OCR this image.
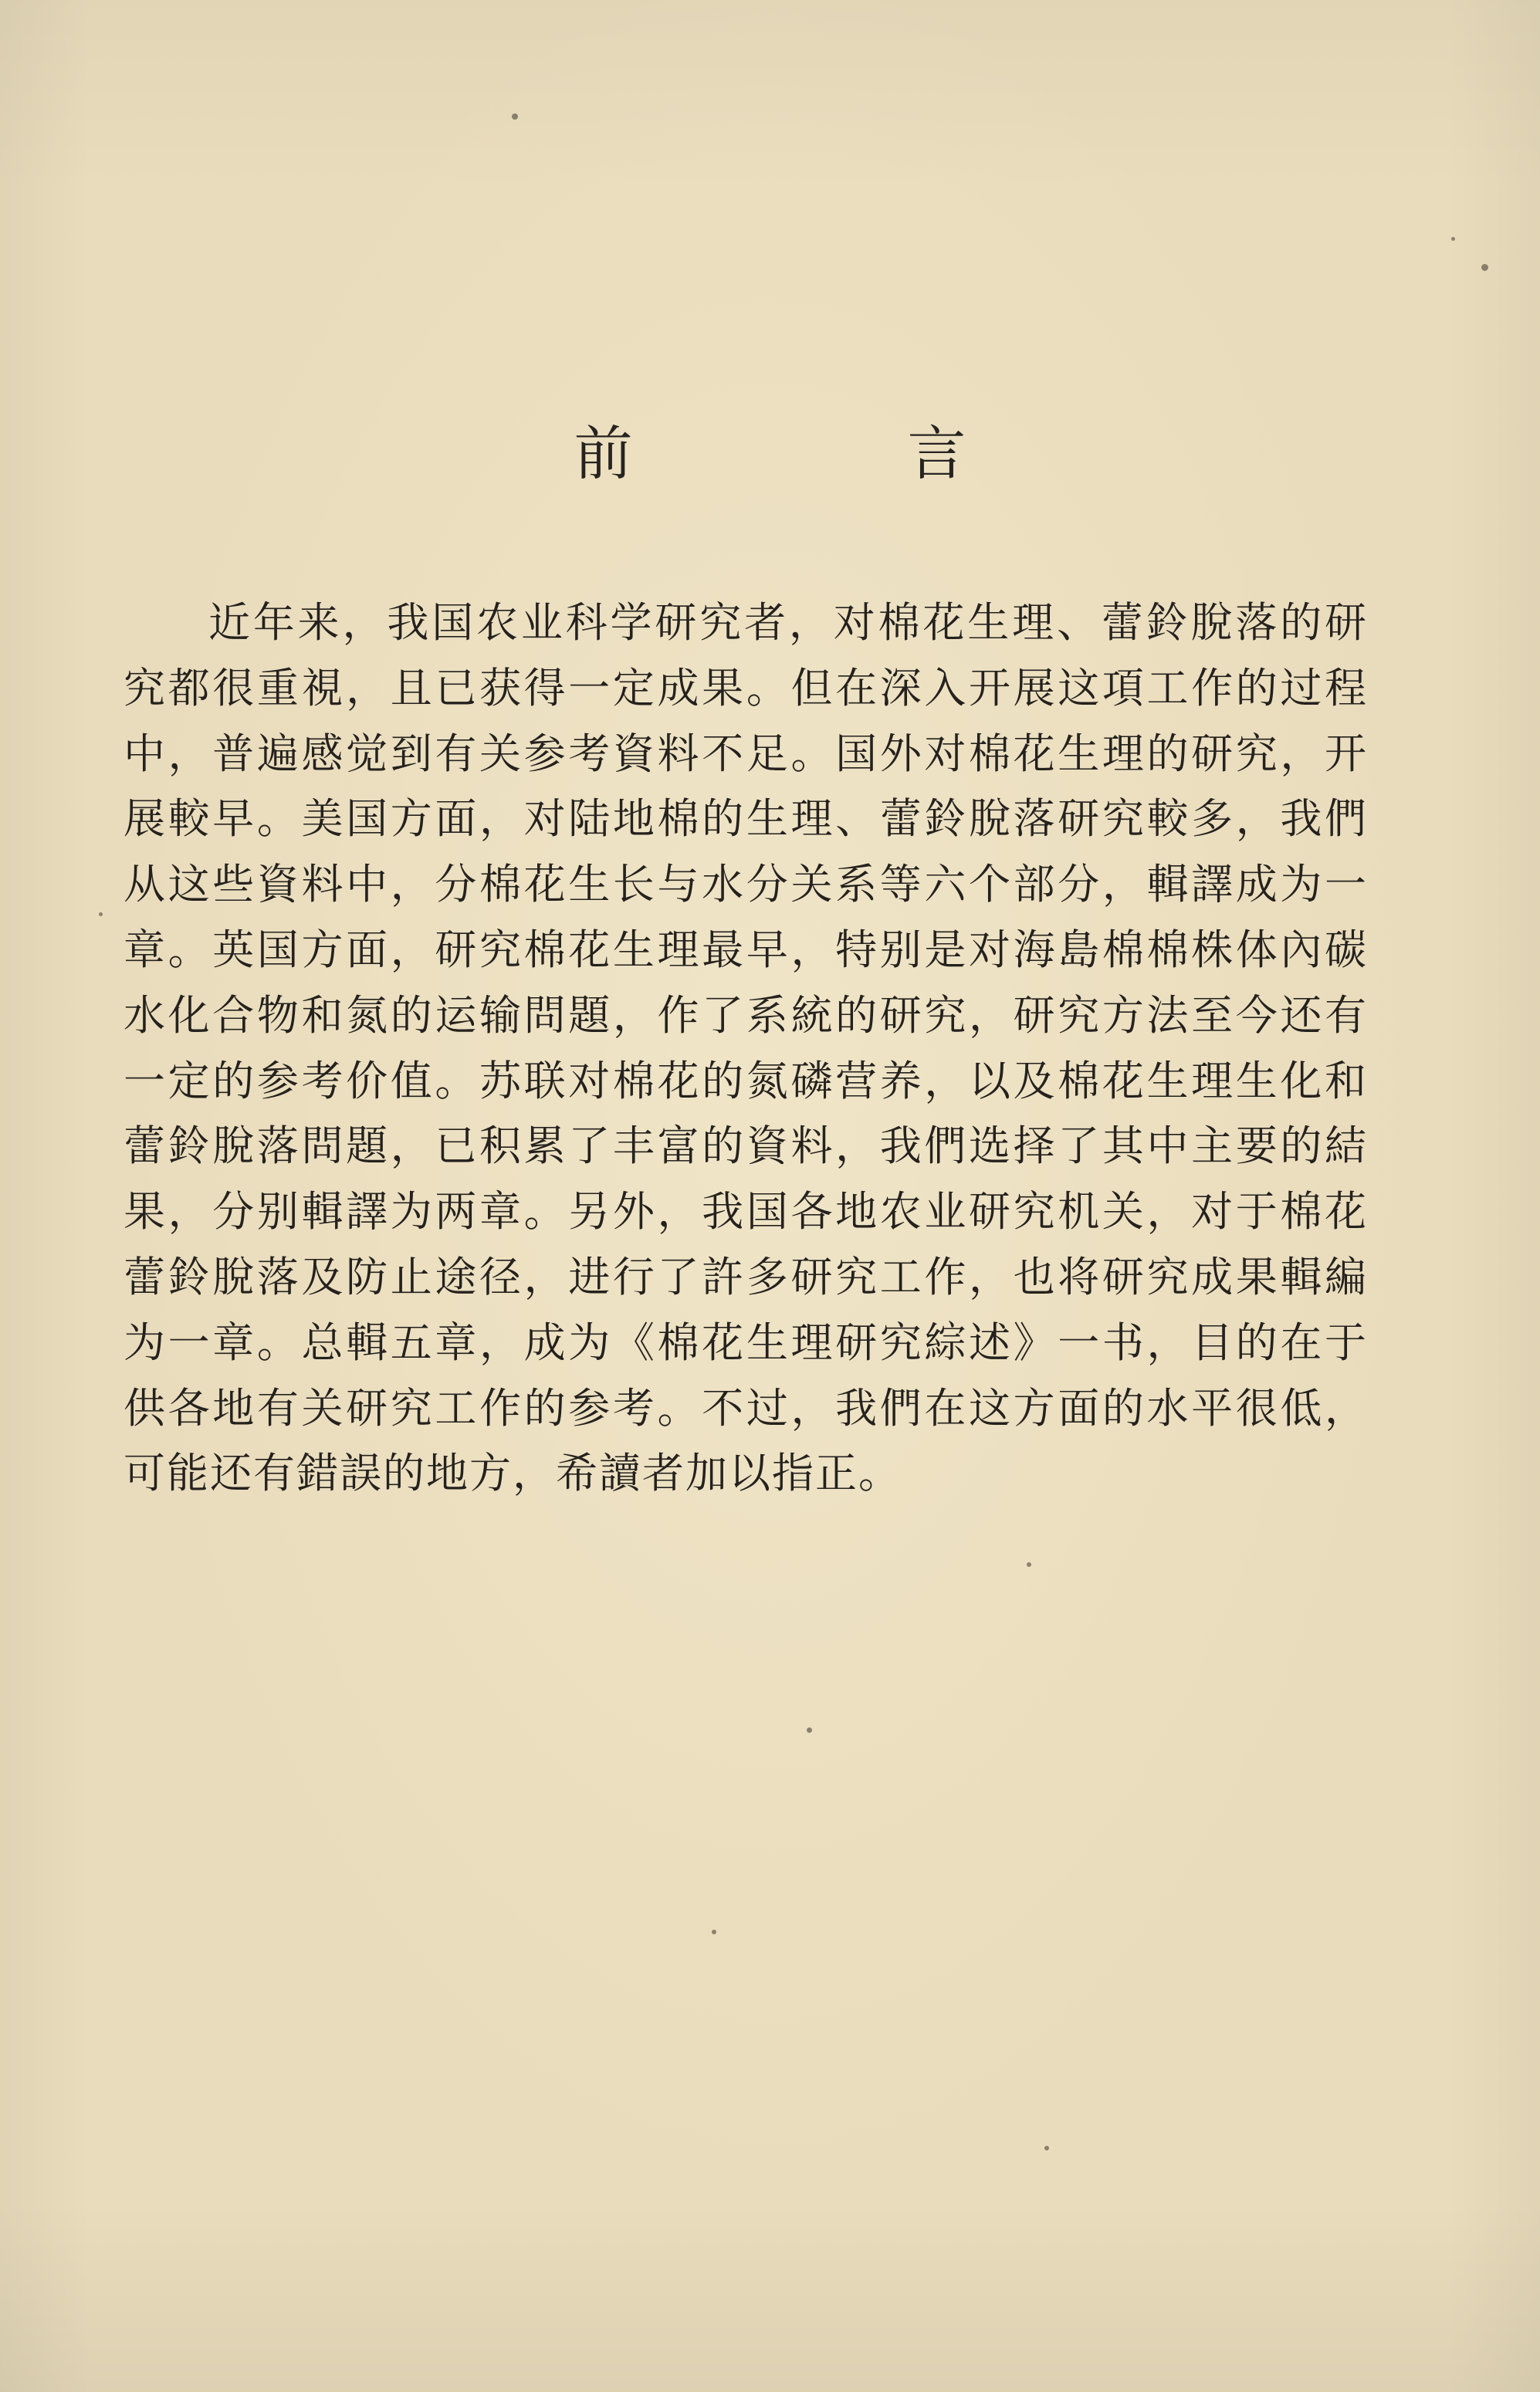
前　言

近年来，我国农业科学研究者，对棉花生理、蕾鈴脫落的研究都很重視，且已获得一定成果。但在深入开展这項工作的过程中，普遍感觉到有关参考資料不足。国外对棉花生理的研究，开展較早。美国方面，对陆地棉的生理、蕾鈴脫落研究較多，我們从这些資料中，分棉花生长与水分关系等六个部分，輯譯成为一章。英国方面，研究棉花生理最早，特别是对海島棉棉株体內碳水化合物和氮的运输問題，作了系統的研究，研究方法至今还有一定的参考价值。苏联对棉花的氮磷营养，以及棉花生理生化和蕾鈴脫落問題，已积累了丰富的資料，我們选择了其中主要的結果，分别輯譯为两章。另外，我国各地农业研究机关，对于棉花蕾鈴脫落及防止途径，进行了許多研究工作，也将研究成果輯編为一章。总輯五章，成为《棉花生理研究綜述》一书，目的在于供各地有关研究工作的参考。不过，我們在这方面的水平很低，可能还有錯誤的地方，希讀者加以指正。
